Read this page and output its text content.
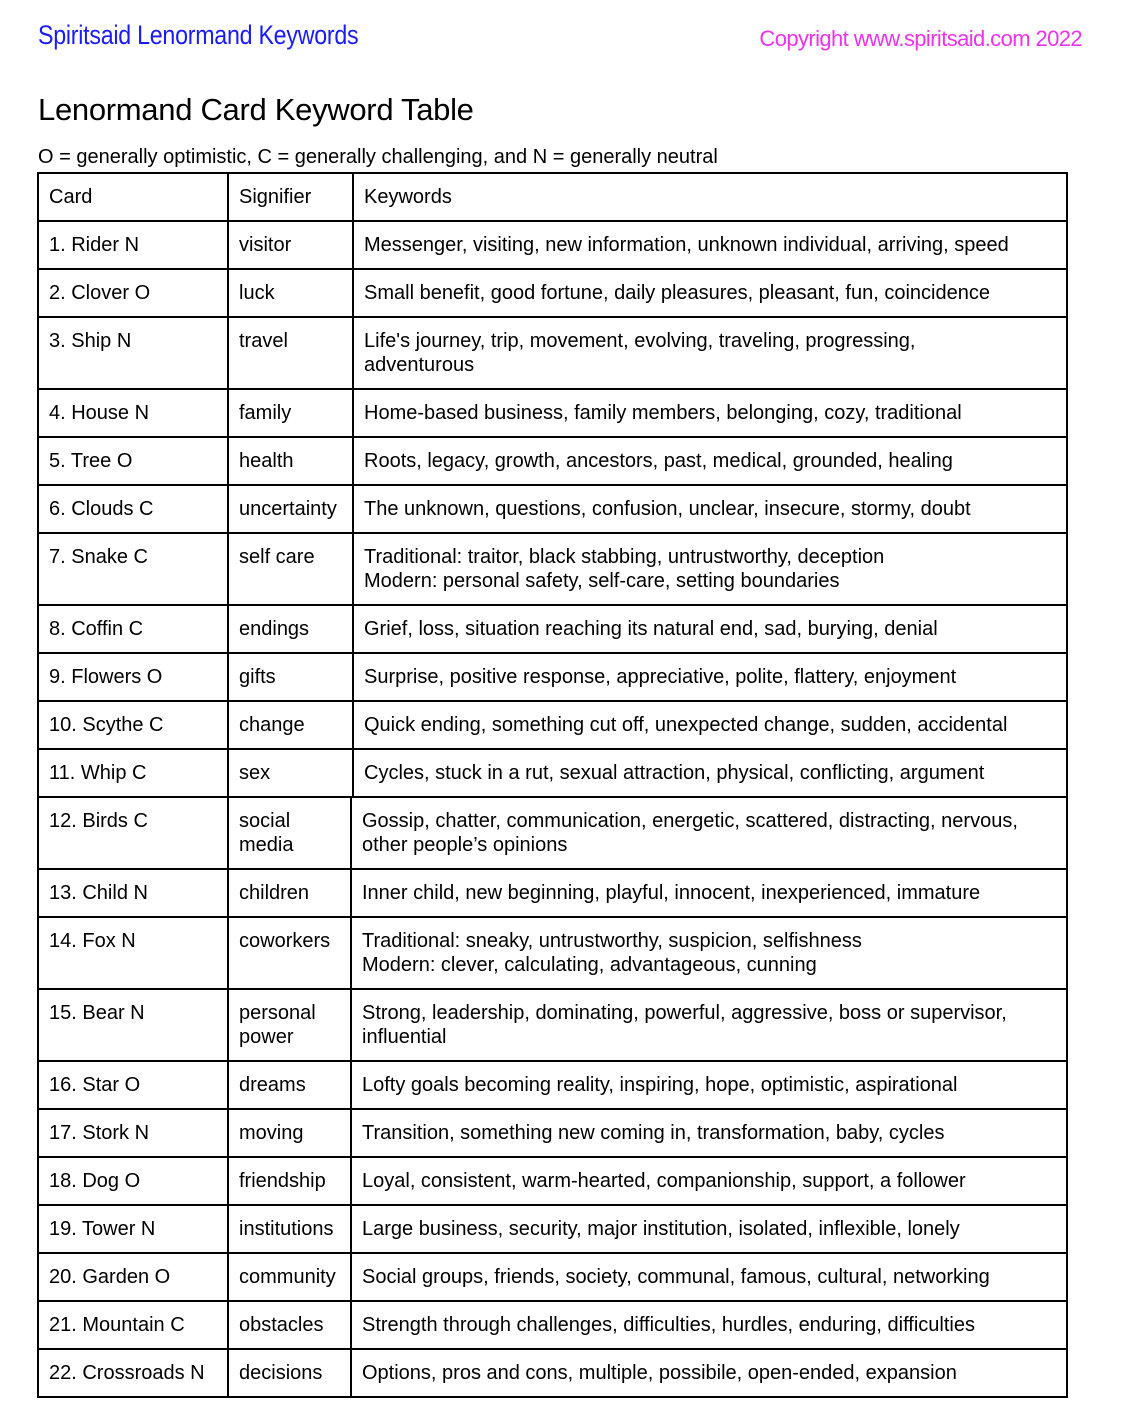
Spiritsaid Lenormand Keywords	Copyright www.spiritsaid.com 2022
Lenormand Card Keyword Table
O = generally optimistic, C = generally challenging, and N = generally neutral
Card	Signifier	Keywords
1. Rider N	visitor	Messenger, visiting, new information, unknown individual, arriving, speed

2. Clover O	luck	Small benefit, good fortune, daily pleasures, pleasant, fun, coincidence

3. Ship N	travel	Life's journey, trip, movement, evolving, traveling, progressing,
adventurous

4. House N	family	Home-based business, family members, belonging, cozy, traditional

5. Tree O	health	Roots, legacy, growth, ancestors, past, medical, grounded, healing

6. Clouds C	uncertainty	The unknown, questions, confusion, unclear, insecure, stormy, doubt

7. Snake C	self care	Traditional: traitor, black stabbing, untrustworthy, deception
Modern: personal safety, self-care, setting boundaries

8. Coffin C	endings	Grief, loss, situation reaching its natural end, sad, burying, denial

9. Flowers O	gifts	Surprise, positive response, appreciative, polite, flattery, enjoyment

10. Scythe C	change	Quick ending, something cut off, unexpected change, sudden, accidental

11. Whip C	sex	Cycles, stuck in a rut, sexual attraction, physical, conflicting, argument
12. Birds C	social media	Gossip, chatter, communication, energetic, scattered, distracting, nervous,
other people’s opinions

13. Child N	children	Inner child, new beginning, playful, innocent, inexperienced, immature

14. Fox N	coworkers	Traditional: sneaky, untrustworthy, suspicion, selfishness
Modern: clever, calculating, advantageous, cunning

15. Bear N	personal power	Strong, leadership, dominating, powerful, aggressive, boss or supervisor,
influential

16. Star O	dreams	Lofty goals becoming reality, inspiring, hope, optimistic, aspirational

17. Stork N	moving	Transition, something new coming in, transformation, baby, cycles

18. Dog O	friendship	Loyal, consistent, warm-hearted, companionship, support, a follower

19. Tower N	institutions	Large business, security, major institution, isolated, inflexible, lonely

20. Garden O	community	Social groups, friends, society, communal, famous, cultural, networking

21. Mountain C	obstacles	Strength through challenges, difficulties, hurdles, enduring, difficulties

22. Crossroads N	decisions	Options, pros and cons, multiple, possibile, open-ended, expansion
